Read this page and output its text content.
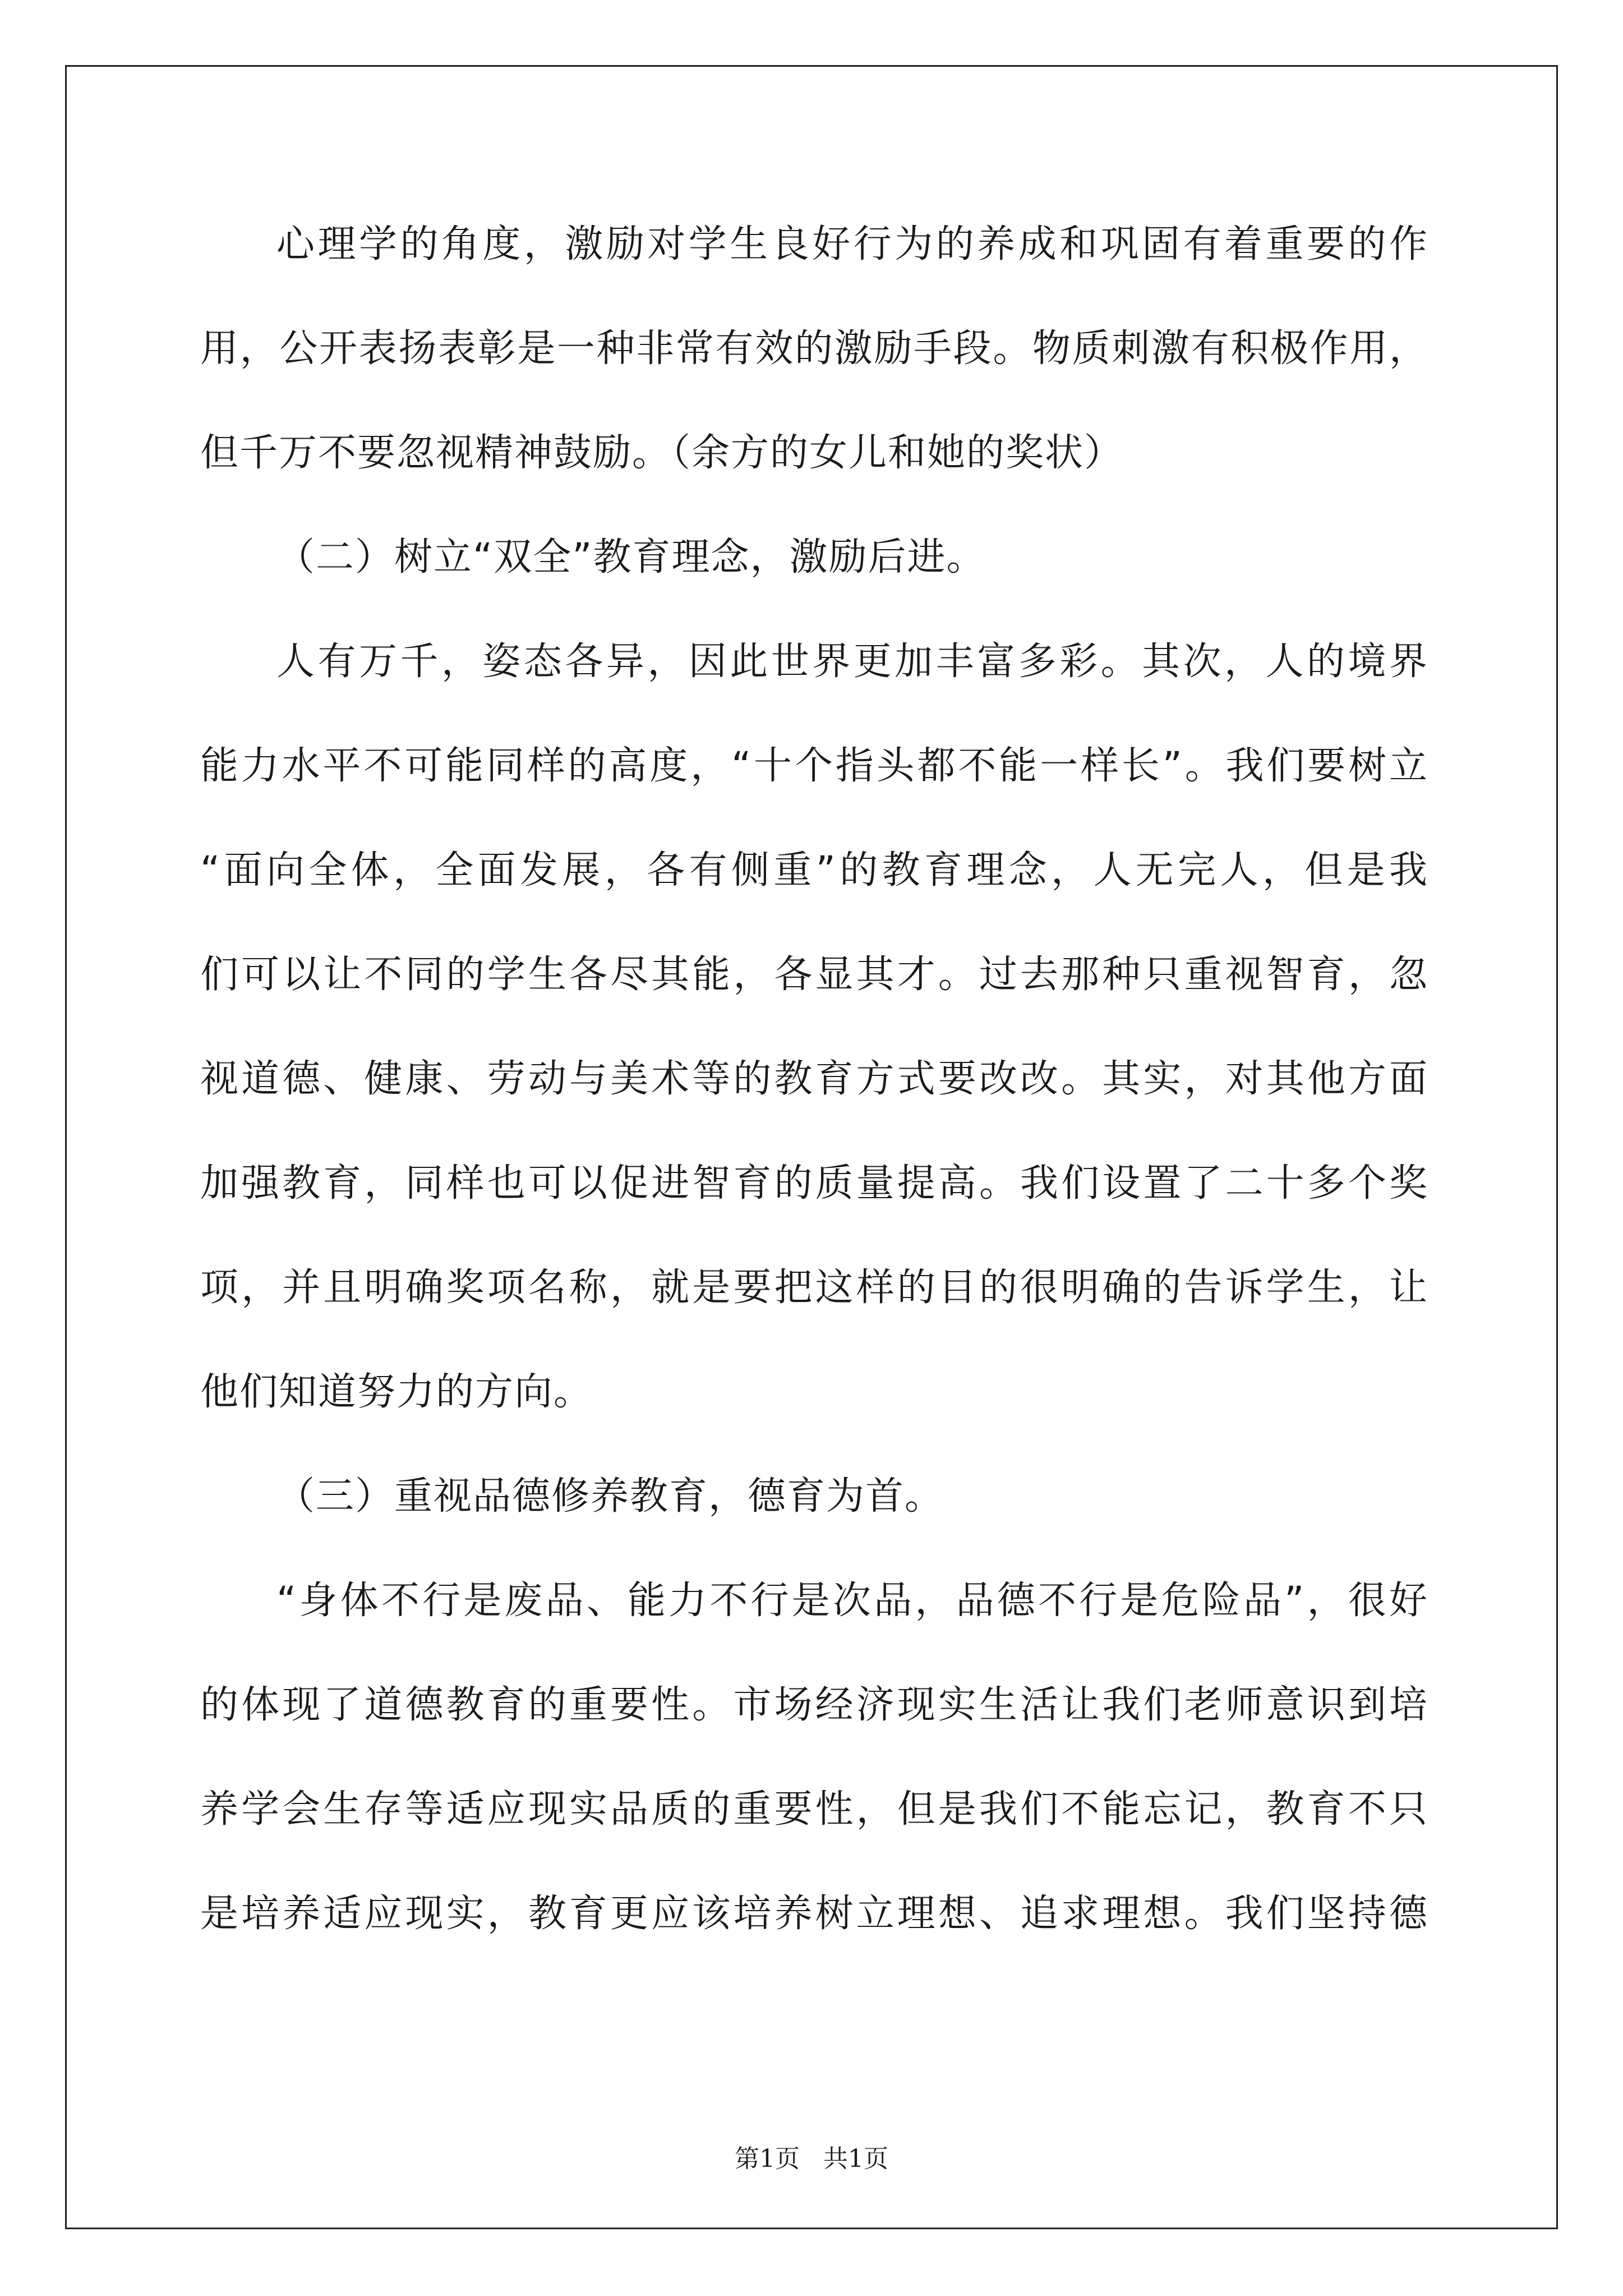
心理学的角度，激励对学生良好行为的养成和巩固有着重要的作
用，公开表扬表彰是一种非常有效的激励手段。物质刺激有积极作用，
但千万不要忽视精神鼓励。（余方的女儿和她的奖状）
（二）树立“双全”教育理念，激励后进。
人有万千，姿态各异，因此世界更加丰富多彩。其次，人的境界
能力水平不可能同样的高度，“十个指头都不能一样长”。我们要树立
“面向全体，全面发展，各有侧重”的教育理念，人无完人，但是我
们可以让不同的学生各尽其能，各显其才。过去那种只重视智育，忽
视道德、健康、劳动与美术等的教育方式要改改。其实，对其他方面
加强教育，同样也可以促进智育的质量提高。我们设置了二十多个奖
项，并且明确奖项名称，就是要把这样的目的很明确的告诉学生，让
他们知道努力的方向。
（三）重视品德修养教育，德育为首。
“身体不行是废品、能力不行是次品，品德不行是危险品”，很好
的体现了道德教育的重要性。市场经济现实生活让我们老师意识到培
养学会生存等适应现实品质的重要性，但是我们不能忘记，教育不只
是培养适应现实，教育更应该培养树立理想、追求理想。我们坚持德
第1页 共1页
